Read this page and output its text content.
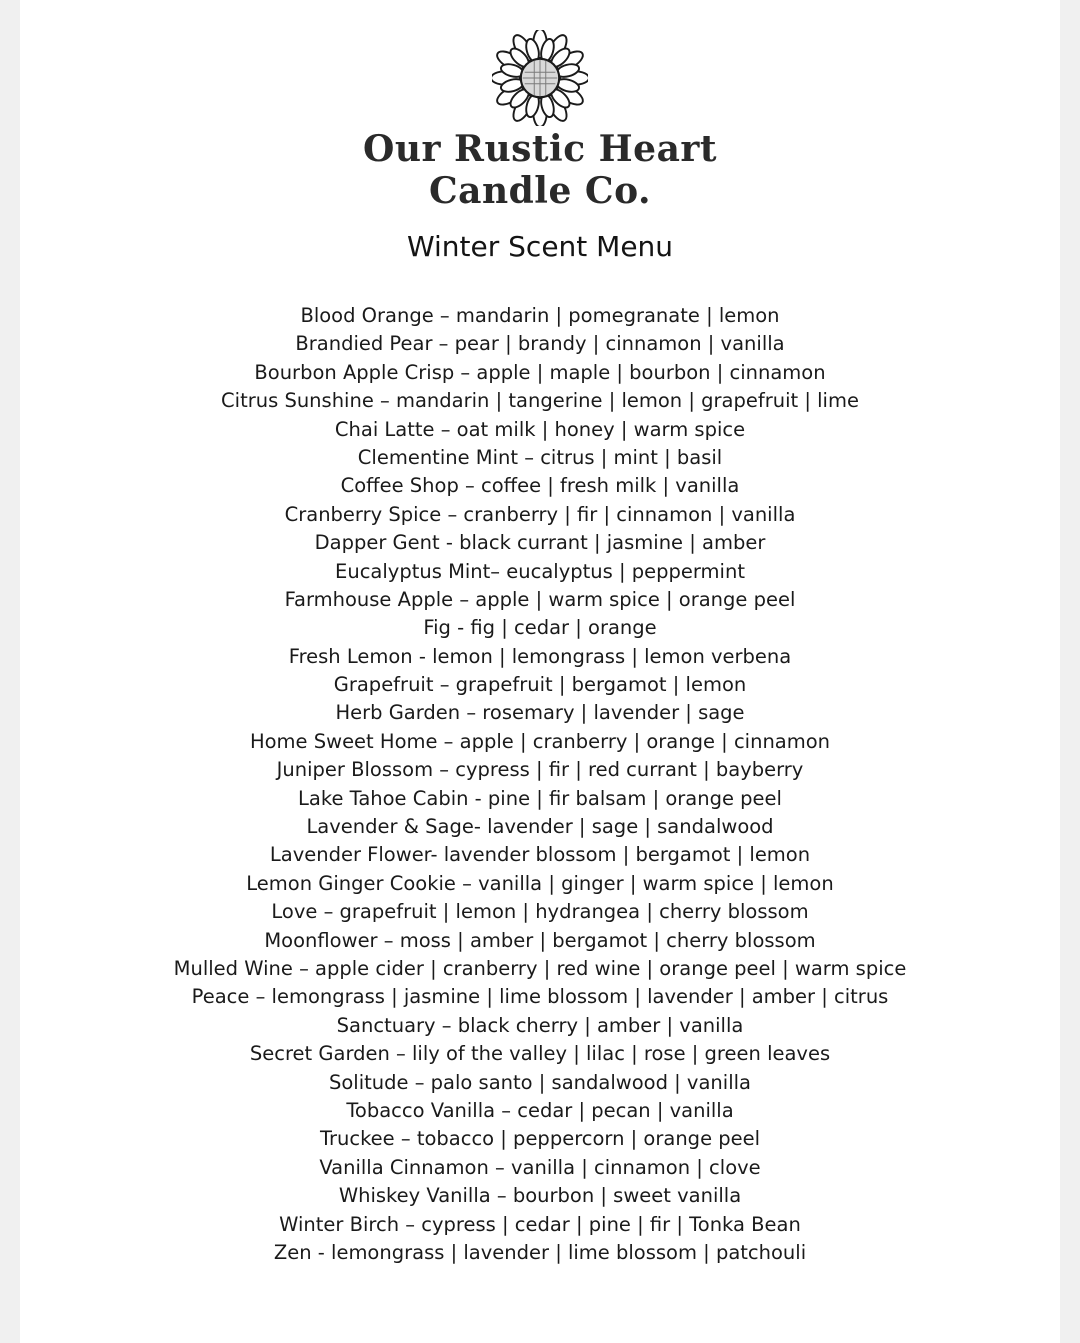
Our Rustic Heart
Candle Co.
Winter Scent Menu
Blood Orange – mandarin | pomegranate | lemon
Brandied Pear – pear | brandy | cinnamon | vanilla
Bourbon Apple Crisp – apple | maple | bourbon | cinnamon
Citrus Sunshine – mandarin | tangerine | lemon | grapefruit | lime
Chai Latte – oat milk | honey | warm spice
Clementine Mint – citrus | mint | basil
Coffee Shop – coffee | fresh milk | vanilla
Cranberry Spice – cranberry | fir | cinnamon | vanilla
Dapper Gent - black currant | jasmine | amber
Eucalyptus Mint– eucalyptus | peppermint
Farmhouse Apple – apple | warm spice | orange peel
Fig - fig | cedar | orange
Fresh Lemon - lemon | lemongrass | lemon verbena
Grapefruit – grapefruit | bergamot | lemon
Herb Garden – rosemary | lavender | sage
Home Sweet Home – apple | cranberry | orange | cinnamon
Juniper Blossom – cypress | fir | red currant | bayberry
Lake Tahoe Cabin - pine | fir balsam | orange peel
Lavender & Sage- lavender | sage | sandalwood
Lavender Flower- lavender blossom | bergamot | lemon
Lemon Ginger Cookie – vanilla | ginger | warm spice | lemon
Love – grapefruit | lemon | hydrangea | cherry blossom
Moonflower – moss | amber | bergamot | cherry blossom
Mulled Wine – apple cider | cranberry | red wine | orange peel | warm spice
Peace – lemongrass | jasmine | lime blossom | lavender | amber | citrus
Sanctuary – black cherry | amber | vanilla
Secret Garden – lily of the valley | lilac | rose | green leaves
Solitude – palo santo | sandalwood | vanilla
Tobacco Vanilla – cedar | pecan | vanilla
Truckee – tobacco | peppercorn | orange peel
Vanilla Cinnamon – vanilla | cinnamon | clove
Whiskey Vanilla – bourbon | sweet vanilla
Winter Birch – cypress | cedar | pine | fir | Tonka Bean
Zen - lemongrass | lavender | lime blossom | patchouli
